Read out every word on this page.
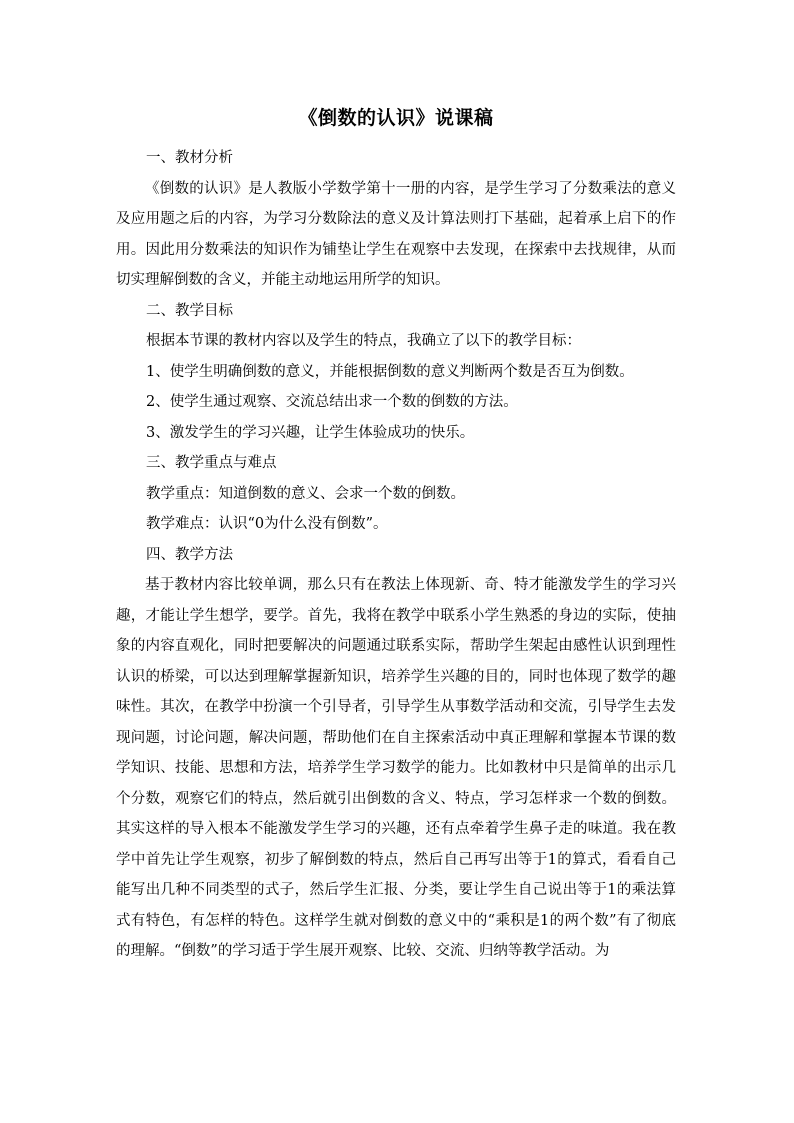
《倒数的认识》说课稿

一、教材分析

《倒数的认识》是人教版小学数学第十一册的内容，是学生学习了分数乘法的意义及应用题之后的内容，为学习分数除法的意义及计算法则打下基础，起着承上启下的作用。因此用分数乘法的知识作为铺垫让学生在观察中去发现，在探索中去找规律，从而切实理解倒数的含义，并能主动地运用所学的知识。

二、教学目标

根据本节课的教材内容以及学生的特点，我确立了以下的教学目标：

1、使学生明确倒数的意义，并能根据倒数的意义判断两个数是否互为倒数。

2、使学生通过观察、交流总结出求一个数的倒数的方法。

3、激发学生的学习兴趣，让学生体验成功的快乐。

三、教学重点与难点

教学重点：知道倒数的意义、会求一个数的倒数。

教学难点：认识“0为什么没有倒数”。

四、教学方法

基于教材内容比较单调，那么只有在教法上体现新、奇、特才能激发学生的学习兴趣，才能让学生想学，要学。首先，我将在教学中联系小学生熟悉的身边的实际，使抽象的内容直观化，同时把要解决的问题通过联系实际，帮助学生架起由感性认识到理性认识的桥梁，可以达到理解掌握新知识，培养学生兴趣的目的，同时也体现了数学的趣味性。其次，在教学中扮演一个引导者，引导学生从事数学活动和交流，引导学生去发现问题，讨论问题，解决问题，帮助他们在自主探索活动中真正理解和掌握本节课的数学知识、技能、思想和方法，培养学生学习数学的能力。比如教材中只是简单的出示几个分数，观察它们的特点，然后就引出倒数的含义、特点，学习怎样求一个数的倒数。其实这样的导入根本不能激发学生学习的兴趣，还有点牵着学生鼻子走的味道。我在教学中首先让学生观察，初步了解倒数的特点，然后自己再写出等于1的算式，看看自己能写出几种不同类型的式子，然后学生汇报、分类，要让学生自己说出等于1的乘法算式有特色，有怎样的特色。这样学生就对倒数的意义中的“乘积是1的两个数”有了彻底的理解。“倒数”的学习适于学生展开观察、比较、交流、归纳等教学活动。为
